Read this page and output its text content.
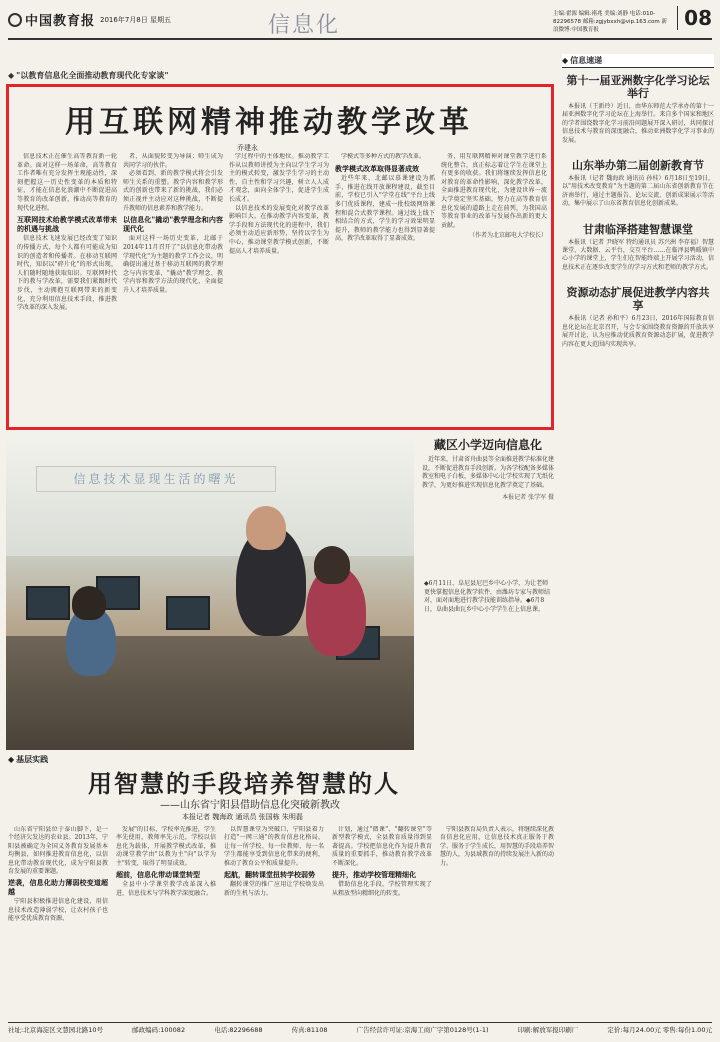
中国教育报 2016年7月8日 星期五	信息化	主编:翟源 编辑:褚兆 美编:刘静 电话:010-82296578 邮箱:zgjybxxh@vip.163.com 新浪微博:中国教育报	08
◆ "以教育信息化全面推动教育现代化专家谈"
用互联网精神推动教学改革
乔建永

信息技术正在催生高等教育新一轮革命。面对这样一场革命，高等教育工作者唯有充分发挥主观能动性，深刻把握这一历史性变革的本质和特征，才能在信息化浪潮中不断促进高等教育的改革创新，推动高等教育的现代化进程。

互联网技术给教学模式改革带来的机遇与挑战

信息技术飞速发展已经改变了知识的传播方式，每个人都有可能成为知识的创造者和传播者。在移动互联网时代，知识以"碎片化"的形式出现，人们随时随地获取知识。互联网时代下的教与学改革，需要我们紧跟时代步伐，主动拥抱互联网带来的新变化，充分利用信息技术手段，推进教学改革的深入发展。

者，从面貌转变为导演；师生成为共同学习的伙伴。

必须看到，新的教学模式将会引发师生关系的重塑。教学内容和教学形式的创新也带来了新的挑战，我们必须正视并主动应对这种挑战，不断提升教师的信息素养和教学能力。

以信息化"撬动"教学理念和内容现代化

面对这样一场历史变革，北邮于2014年11月召开了"以信息化带动教学现代化"为主题的教学工作会议，明确提出通过基于移动互联网的教学理念与内容变革，"撬动"教学理念、教学内容和教学方法的现代化，全面提升人才培养质量。

学过程中的主体地位。推动教学工作从以教师讲授为主向以学生学习为主的模式转变，激发学生学习的主动性、自主性和学习兴趣，树立人人成才观念，面向全体学生，促进学生成长成才。

以信息技术的发展变化对教学改革影响巨大。在推动教学内容变革，教学手段和方法现代化的进程中，我们必须主动适应新形势，坚持以学生为中心，推动课堂教学模式创新，不断提高人才培养质量。

学模式等多种方式的教学改革。

教学模式改革取得显著成效

近些年来，北邮以慕课建设为抓手，推进在线开放课程建设，截至目前，学校已引入"学堂在线"平台上线多门优质课程，建成一批校级网络课程和混合式教学课程。通过线上线下相结合的方式，学生的学习效果明显提升，教师的教学能力也得到显著提高，教学改革取得了显著成效。

务，用互联网精神对课堂教学进行系统化整合，真正标志着让学生在课堂上有更多的收获。我们将继续发挥信息化对教育的革命性影响，深化教学改革，全面推进教育现代化，为建设世界一流大学奠定坚实基础，努力在高等教育信息化发展的道路上走在前列，为我国高等教育事业的改革与发展作出新的更大贡献。

（作者为北京邮电大学校长）
信息技术显现生活的曙光
藏区小学迈向信息化

近年来，甘肃省舟曲县等全面推进教学标准化建设，不断促进教育手段创新。为各学校配备多媒体教室和电子白板，多媒体中心让学校实现了无纸化教学，为更好推进实现信息化教学奠定了基础。

本报记者 张学军 摄
◆6月11日，阜尼县尼巴乡中心小学，为让老师更快掌握信息化教学软件，由潍坊专家与教师结对，面对面地进行教学技能训练指导。◆6月8日，阜曲县曲瓦乡中心小学学生在上信息课。
◆ 信息速递
第十一届亚洲数字化学习论坛举行

本报讯（王新玲）近日，由华东师范大学承办的第十一届亚洲数字化学习论坛在上海举行。来自多个国家和地区的学者围绕数字化学习前沿问题展开深入研讨，共同探讨信息技术与教育的深度融合，推动亚洲数字化学习事业的发展。

山东举办第二届创新教育节

本报讯（记者 魏海政 通讯员 孙桂）6月18日至19日，以"用技术改变教育"为主题的第二届山东省创新教育节在济南举行，通过主题报告、论坛交流、创新成果展示等活动，集中展示了山东省教育信息化创新成果。

甘肃临泽搭建智慧课堂

本报讯（记者 尹晓军 特约通讯员 苏兴洲 李存福）智慧课堂、大数据、云平台，交互平台……在临泽县鸭暖镇中心小学的课堂上，学生们在智能终端上开展学习活动，信息技术正在逐步改变学生的学习方式和老师的教学方式。

资源动态扩展促进教学内容共享

本报讯（记者 孙和平）6月23日，2016年国际教育信息化论坛在北京召开，与会专家围绕教育资源的开放共享展开讨论，认为应推动优质教育资源动态扩展，促进教学内容在更大范围内实现共享。

◆ 基层实践
用智慧的手段培养智慧的人
——山东省宁阳县借助信息化突破新教改
本报记者 魏海政 通讯员 张国栋 朱明磊

山东省宁阳县位于泰山脚下，是一个经济欠发达的农业县。2013年，宁阳县被确定为全国义务教育发展基本均衡县，如何推进教育信息化，以信息化带动教育现代化，成为宁阳县教育发展的重要课题。

逆袭，信息化助力薄弱校变道超越

宁阳县积极推进信息化建设，用信息技术改造薄弱学校，让农村孩子也能享受优质教育资源。

发展"的目标，学校率先推进，学生率先使用，教师率先示范。学校以信息化为载体，开展教学模式改革，推动课堂教学由"以教为主"向"以学为主"转变，取得了明显成效。

超前，信息化带动课堂转型

全县中小学课堂教学改革深入推进，信息技术与学科教学深度融合。

以智慧课堂为突破口，宁阳县着力打造"一网三通"的教育信息化格局，让每一所学校、每一位教师、每一名学生都能享受到信息化带来的便利，推动了教育公平和质量提升。

起航，翻转课堂扭转学校弱势

翻转课堂的推广应用让学校焕发出新的生机与活力。

计划，通过"微课"、"翻转课堂"等新型教学模式，全县教育质量得到显著提高。学校把信息化作为提升教育质量的重要抓手，推动教育教学改革不断深化。

提升，推动学校管理精细化

借助信息化手段，学校管理实现了从粗放型向精细化的转变。

宁阳县教育局负责人表示，将继续深化教育信息化应用，让信息技术真正服务于教学、服务于学生成长，用智慧的手段培养智慧的人，为县域教育的持续发展注入新的动力。

社址:北京海淀区文慧园北路10号	邮政编码:100082	电话:82296688	传真:81108	广告经营许可证:京海工商广字第0128号(1-1)	印刷:解放军报印刷厂	定价:每月24.00元 零售:每份1.00元
